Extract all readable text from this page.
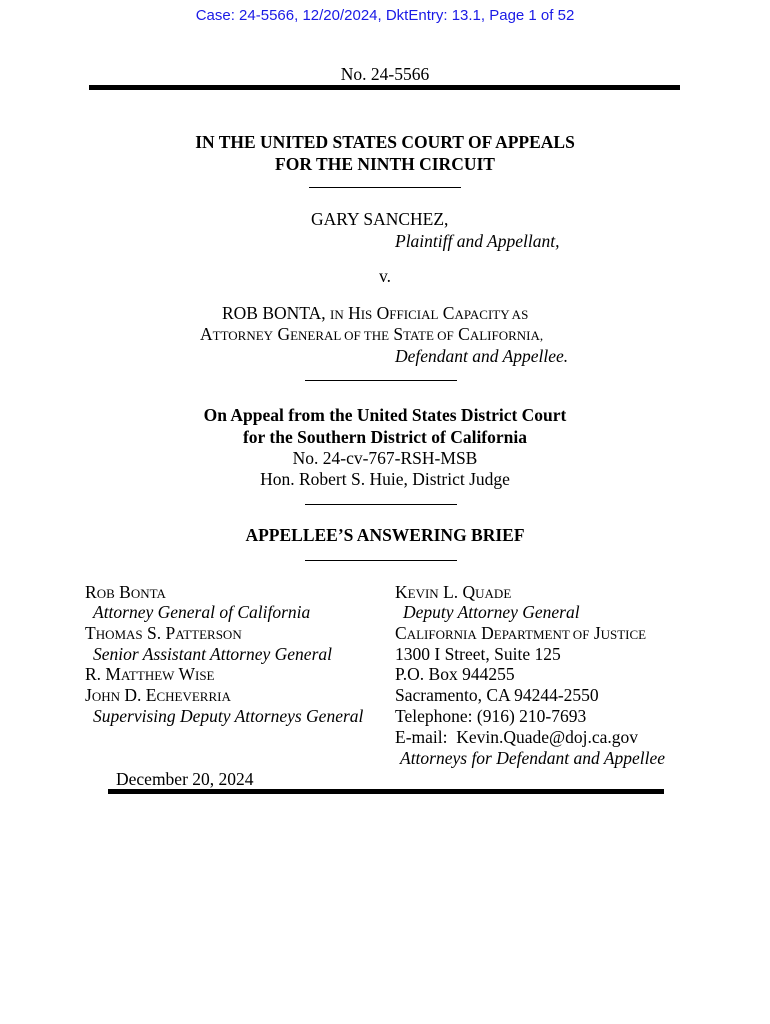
Case: 24-5566, 12/20/2024, DktEntry: 13.1, Page 1 of 52
No. 24-5566
IN THE UNITED STATES COURT OF APPEALS
FOR THE NINTH CIRCUIT
GARY SANCHEZ,
Plaintiff and Appellant,
v.
ROB BONTA, IN HIS OFFICIAL CAPACITY AS
ATTORNEY GENERAL OF THE STATE OF CALIFORNIA,
Defendant and Appellee.
On Appeal from the United States District Court
for the Southern District of California
No. 24-cv-767-RSH-MSB
Hon. Robert S. Huie, District Judge
APPELLEE’S ANSWERING BRIEF
ROB BONTA
Attorney General of California
THOMAS S. PATTERSON
Senior Assistant Attorney General
R. MATTHEW WISE
JOHN D. ECHEVERRIA
Supervising Deputy Attorneys General
KEVIN L. QUADE
Deputy Attorney General
CALIFORNIA DEPARTMENT OF JUSTICE
1300 I Street, Suite 125
P.O. Box 944255
Sacramento, CA 94244-2550
Telephone: (916) 210-7693
E-mail:  Kevin.Quade@doj.ca.gov
Attorneys for Defendant and Appellee
December 20, 2024
